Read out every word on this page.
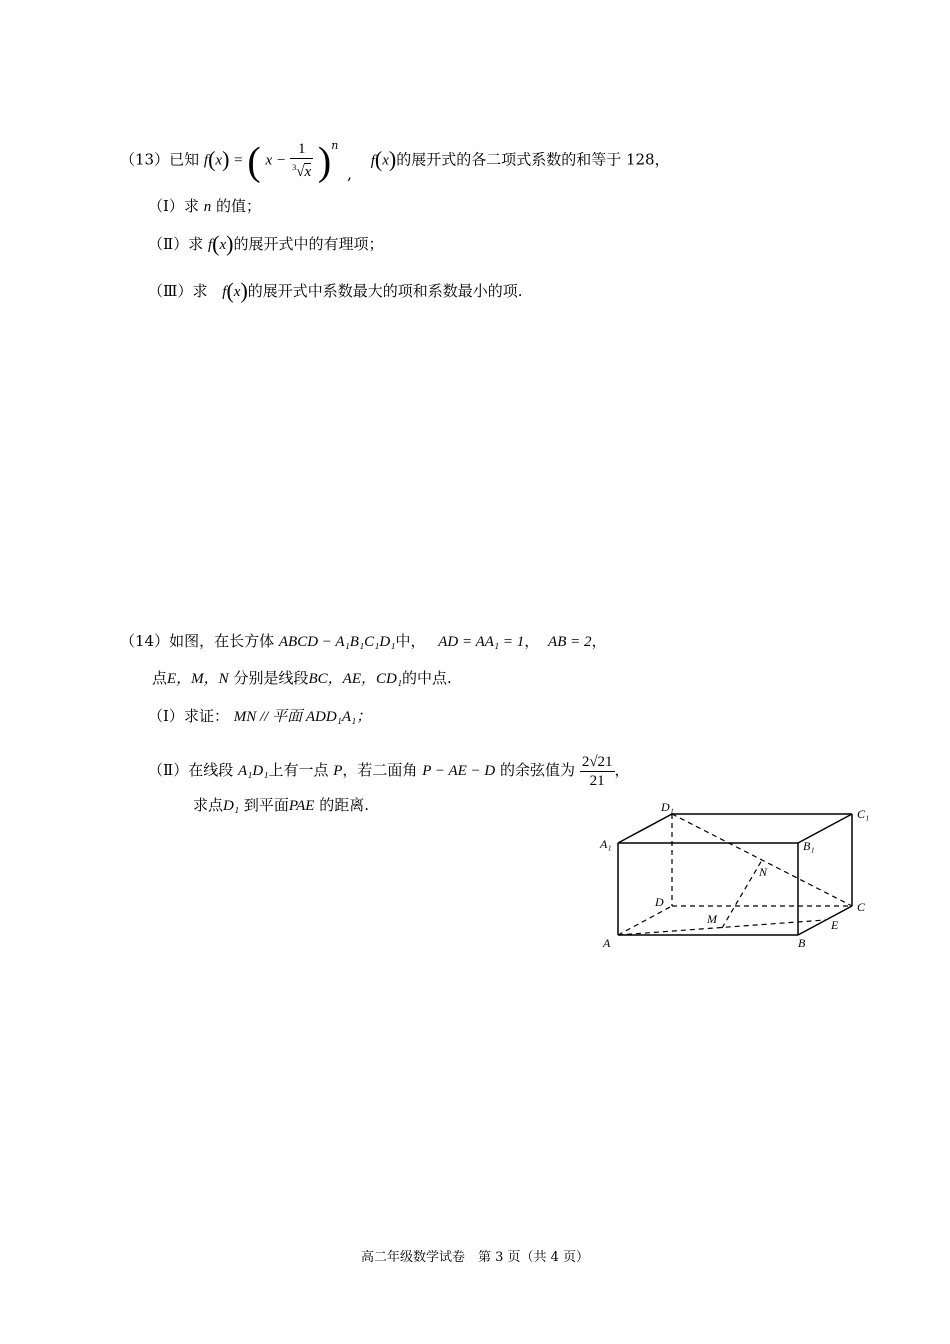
（13）已知 f(x) = ( $x - \frac{1}{^3√x} )^n$ , f(x)的展开式的各二项式系数的和等于 128，
（Ⅰ）求 n 的值；
（Ⅱ）求 f(x)的展开式中的有理项；
（Ⅲ）求 f(x)的展开式中系数最大的项和系数最小的项.
（14）如图，在长方体 ABCD − A₁B₁C₁D₁中， AD = AA₁ = 1， AB = 2，
点E，M，N 分别是线段BC，AE，CD₁的中点.
（Ⅰ）求证： MN // 平面 ADD₁A₁；
（Ⅱ）在线段 A₁D₁上有一点 P，若二面角 P − AE − D 的余弦值为 $\frac{2√21}{21}$ ，
求点D₁ 到平面PAE 的距离.	D₁	C₁
A₁	B₁
N
D	C
M	E
A	B
高二年级数学试卷　第 3 页（共 4 页）
